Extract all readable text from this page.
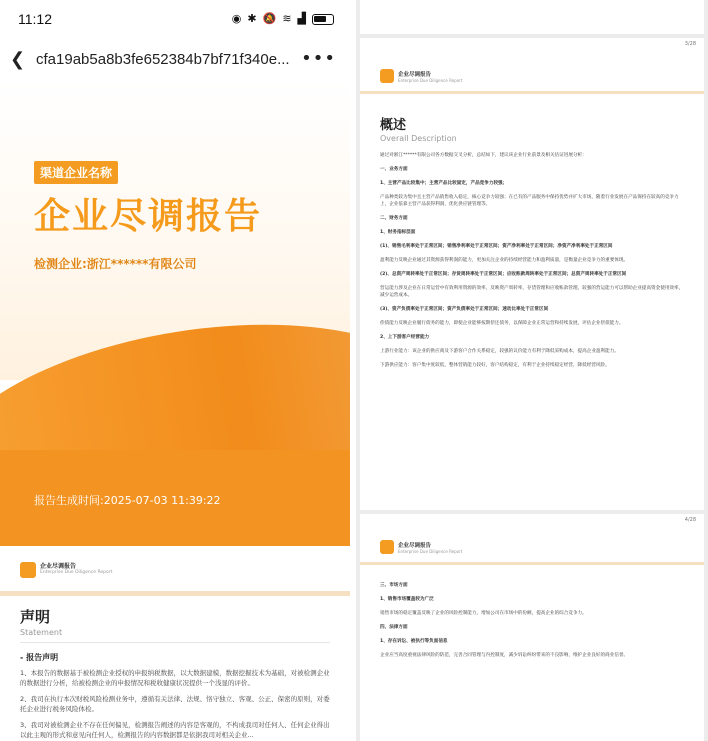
11:12	◉ ✱ 🔕 ≋ ▟
❮ cfa19ab5a8b3fe652384b7bf71f340e... •••
渠道企业名称
企业尽调报告
检测企业:浙江******有限公司
报告生成时间:2025-07-03 11:39:22
企业尽调报告
Enterprise Due Diligence Report
声明
Statement
- 报告声明
1、本报告的数据基于被检测企业授权的申报纳税数据，以大数据建模，数据挖掘技术为基础，对被检测企业的数据进行分析，给被检测企业的申报情况和税收健康状况提供一个浅显的评价。
2、我司在执行本次财税风险检测业务中，遵循有关法律、法规、恪守独立、客观、公正、保密的原则，对委托企业进行税务风险体检。
3、我司对被检测企业不存在任何偏见，检测报告阐述的内容是客观的，不构成我司对任何人、任何企业得出以此主观的形式和意见向任何人，检测报告的内容数据都是依据我司对相关企业...
3/28
企业尽调报告
Enterprise Due Diligence Report
概述
Overall Description
通过对浙江******有限公司各方数据交叉分析，总结如下，建议该企业行业前景及相关估证进展分析：
一、业务方面
1、主营产品比较集中；主营产品比较固定，产品竞争力较强；
产品种类较为集中且主营产品销售收入稳定，核心竞争力较强；在已有的产品服务中保持优势并扩大市场，随着行业发展在产品保持在较高的竞争力上，企业依靠主营产品获得利润，优化供应链管理等。
二、财务方面
1、财务指标层面
(1)、销售毛利率处于正常区间；销售净利率处于正常区间；资产净利率处于正常区间；净资产净利率处于正常区间
盈利能力反映企业通过其资源获得利润的能力，更加关注企业的持续经营能力和盈利质量，是衡量企业竞争力的重要体现。
(2)、总资产周转率处于正常区间；存货周转率处于正常区间；应收账款周转率处于正常区间；总资产周转率处于正常区间
营运能力涉及企业在日常运营中有效利用资源的效率，反映资产周转率，存货管理和应收账款管理，较强的营运能力可以帮助企业提高资金使用效率，减少运营成本。
(3)、资产负债率处于正常区间；资产负债率处于正常区间；速动比率处于正常区间
偿债能力反映企业履行债务的能力，即使企业能够按期偿还债务，以保障企业正常运营和持续发展，评估企业偿债能力。
2、上下游客户经营能力
上游行业能力：该企业的供应商及下游客户合作关系稳定，较强的议价能力有利于降低采购成本，提高企业盈利能力。
下游供应能力：客户集中度较低，整体营销能力较好，客户结构稳定，有利于企业持续稳定经营，降低经营风险。
4/28
企业尽调报告
Enterprise Due Diligence Report
三、市场方面
1、销售市场覆盖较为广泛
销售市场的稳定覆盖反映了企业的风险控制能力，增加公司在市场中的份额，提高企业的综合竞争力。
四、法律方面
1、存在诉讼、被执行等负面信息
企业应当高度重视法律风险的防范，完善合同管理与内控制度，减少诉讼纠纷带来的不良影响，维护企业良好的商业信誉。
